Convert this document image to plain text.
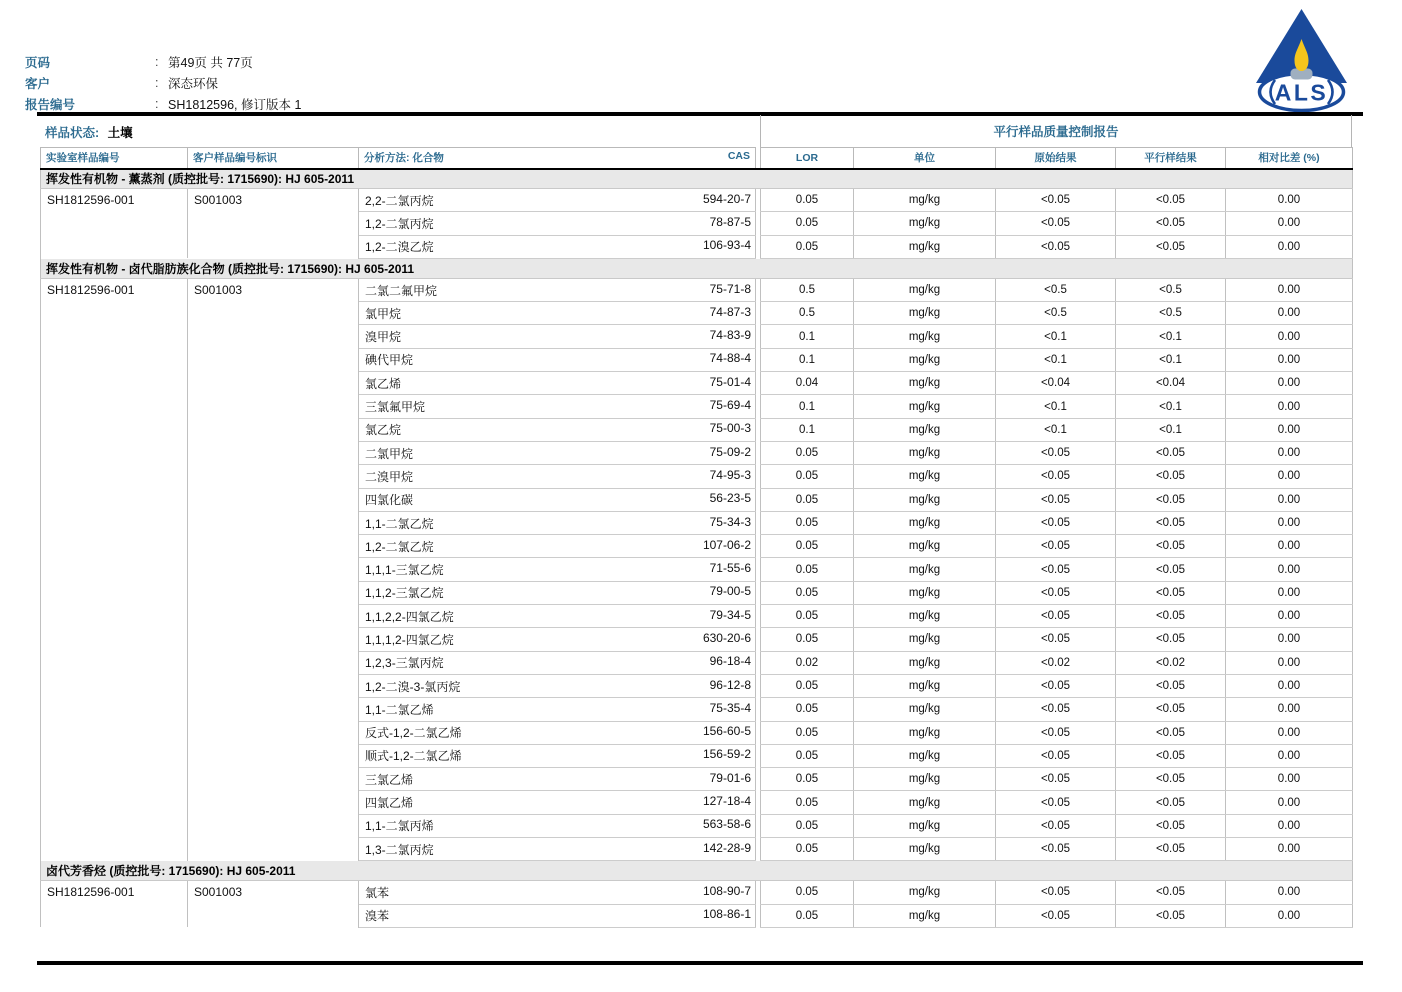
页码	: 第49页 共 77页
客户	: 深态环保
报告编号	: SH1812596, 修订版本 1	ALS
样品状态: 土壤	平行样品质量控制报告
实验室样品编号	客户样品编号标识	分析方法: 化合物 CAS		LOR	单位	原始结果	平行样结果	相对比差 (%)
挥发性有机物 - 薰蒸剂 (质控批号: 1715690): HJ 605-2011								
SH1812596-001	S001003	2,2-二氯丙烷 594-20-7		0.05	mg/kg	<0.05	<0.05	0.00
		1,2-二氯丙烷 78-87-5		0.05	mg/kg	<0.05	<0.05	0.00
		1,2-二溴乙烷 106-93-4		0.05	mg/kg	<0.05	<0.05	0.00
挥发性有机物 - 卤代脂肪族化合物 (质控批号: 1715690): HJ 605-2011								
SH1812596-001	S001003	二氯二氟甲烷 75-71-8		0.5	mg/kg	<0.5	<0.5	0.00
		氯甲烷 74-87-3		0.5	mg/kg	<0.5	<0.5	0.00
		溴甲烷 74-83-9		0.1	mg/kg	<0.1	<0.1	0.00
		碘代甲烷 74-88-4		0.1	mg/kg	<0.1	<0.1	0.00
		氯乙烯 75-01-4		0.04	mg/kg	<0.04	<0.04	0.00
		三氯氟甲烷 75-69-4		0.1	mg/kg	<0.1	<0.1	0.00
		氯乙烷 75-00-3		0.1	mg/kg	<0.1	<0.1	0.00
		二氯甲烷 75-09-2		0.05	mg/kg	<0.05	<0.05	0.00
		二溴甲烷 74-95-3		0.05	mg/kg	<0.05	<0.05	0.00
		四氯化碳 56-23-5		0.05	mg/kg	<0.05	<0.05	0.00
		1,1-二氯乙烷 75-34-3		0.05	mg/kg	<0.05	<0.05	0.00
		1,2-二氯乙烷 107-06-2		0.05	mg/kg	<0.05	<0.05	0.00
		1,1,1-三氯乙烷 71-55-6		0.05	mg/kg	<0.05	<0.05	0.00
		1,1,2-三氯乙烷 79-00-5		0.05	mg/kg	<0.05	<0.05	0.00
		1,1,2,2-四氯乙烷 79-34-5		0.05	mg/kg	<0.05	<0.05	0.00
		1,1,1,2-四氯乙烷 630-20-6		0.05	mg/kg	<0.05	<0.05	0.00
		1,2,3-三氯丙烷 96-18-4		0.02	mg/kg	<0.02	<0.02	0.00
		1,2-二溴-3-氯丙烷 96-12-8		0.05	mg/kg	<0.05	<0.05	0.00
		1,1-二氯乙烯 75-35-4		0.05	mg/kg	<0.05	<0.05	0.00
		反式-1,2-二氯乙烯 156-60-5		0.05	mg/kg	<0.05	<0.05	0.00
		顺式-1,2-二氯乙烯 156-59-2		0.05	mg/kg	<0.05	<0.05	0.00
		三氯乙烯 79-01-6		0.05	mg/kg	<0.05	<0.05	0.00
		四氯乙烯 127-18-4		0.05	mg/kg	<0.05	<0.05	0.00
		1,1-二氯丙烯 563-58-6		0.05	mg/kg	<0.05	<0.05	0.00
		1,3-二氯丙烷 142-28-9		0.05	mg/kg	<0.05	<0.05	0.00
卤代芳香烃 (质控批号: 1715690): HJ 605-2011								
SH1812596-001	S001003	氯苯 108-90-7		0.05	mg/kg	<0.05	<0.05	0.00
		溴苯 108-86-1		0.05	mg/kg	<0.05	<0.05	0.00
